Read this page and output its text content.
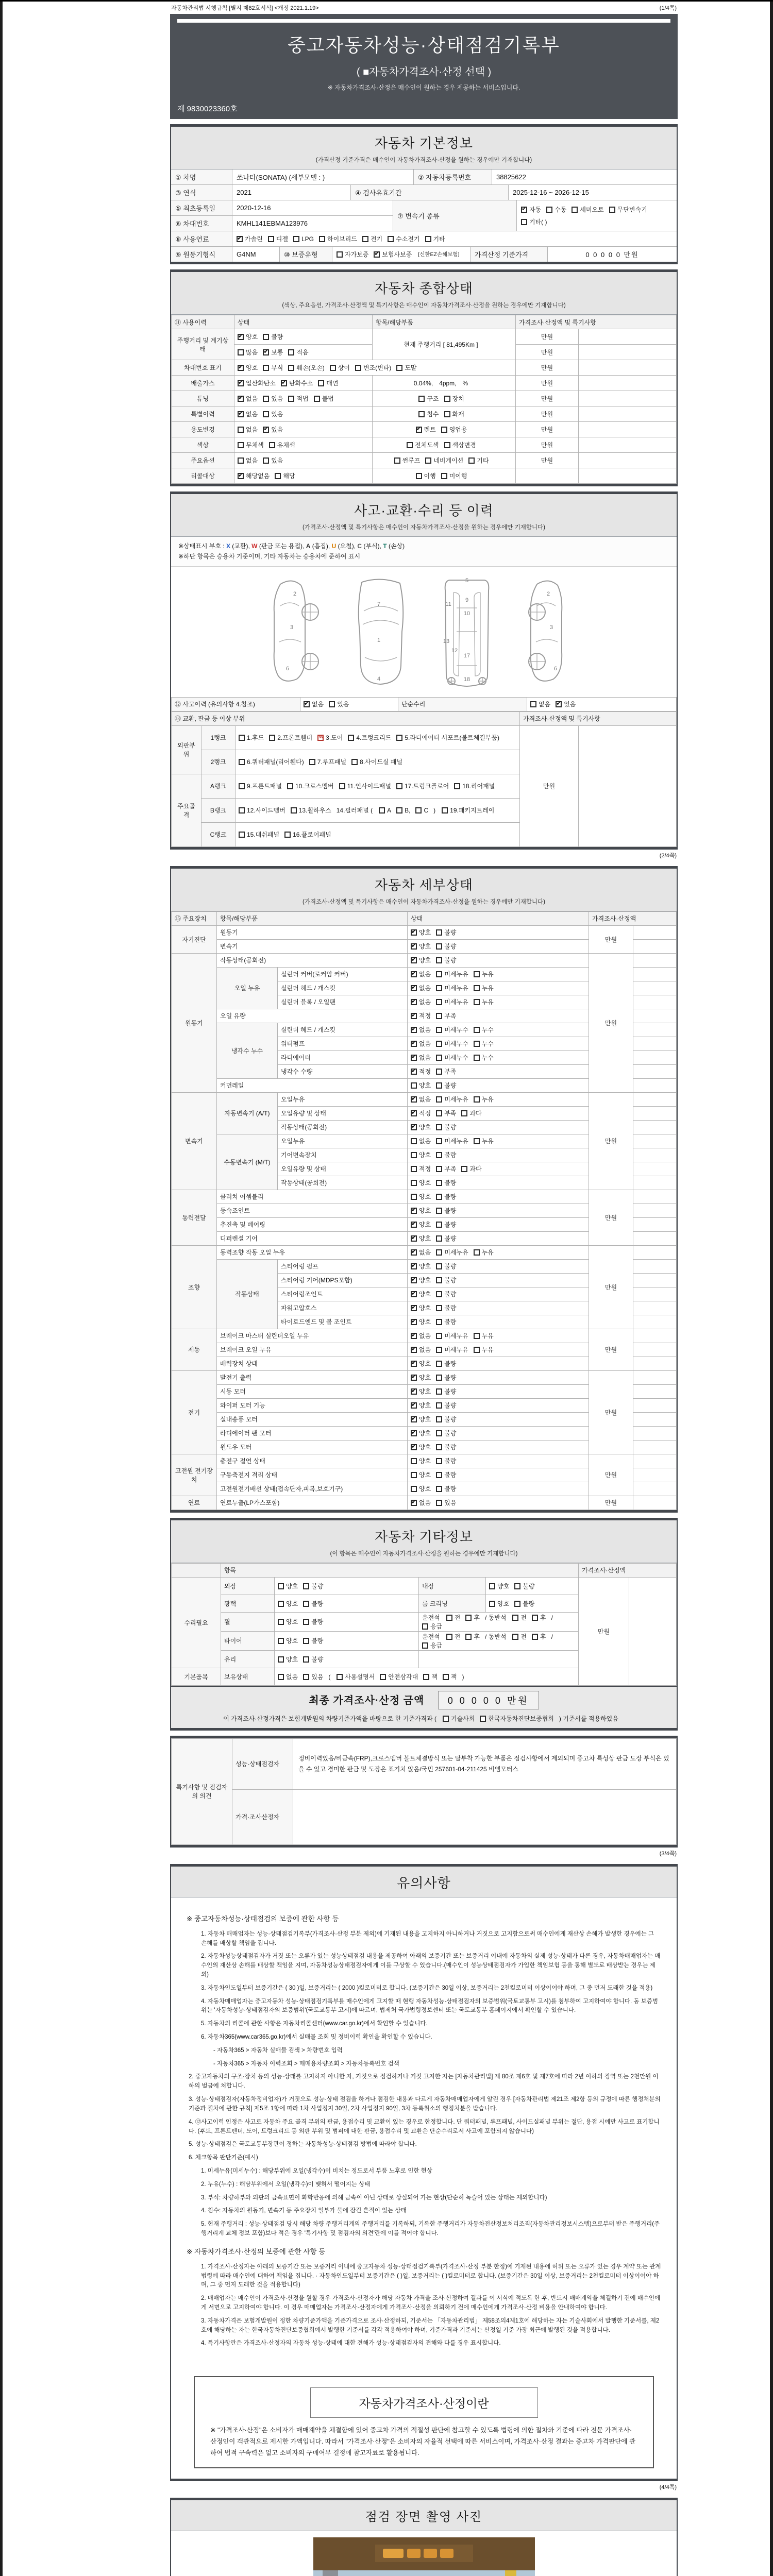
자동차관리법 시행규칙 [별지 제82호서식] <개정 2021.1.19>	(1/4쪽)
중고자동차성능·상태점검기록부
( ■자동차가격조사·산정 선택 )
※ 자동차가격조사·산정은 매수인이 원하는 경우 제공하는 서비스입니다.
제 9830023360호
자동차 기본정보
(가격산정 기준가격은 매수인이 자동차가격조사·산정을 원하는 경우에만 기재합니다)
① 차명	쏘나타(SONATA) (세부모델 : )	② 자동차등록번호	38825622
③ 연식	2021	④ 검사유효기간	2025-12-16 ~ 2026-12-15
⑤ 최초등록일	2020-12-16
⑥ 차대번호	KMHL141EBMA123976
⑦ 변속기 종류
✔자동	수동	세미오토	무단변속기
기타( )
⑧ 사용연료 ✔	가솔린	디젤	LPG	하이브리드	전기	수소전기	기타
⑨ 원동기형식	G4NM	⑩ 보증유형	자가보증 ✔ 보험사보증	[신한EZ손해보험]	가격산정 기준가격	0 0 0 0 0 만원
자동차 종합상태
(색상, 주요옵션, 가격조사·산정액 및 특기사항은 매수인이 자동차가격조사·산정을 원하는 경우에만 기재합니다)
⑪ 사용이력	상태	항목/해당부품	가격조사·산정액 및 특기사항	
주행거리 및 계기상태	✔양호 불량	현재 주행거리 [ 81,495Km ]	만원	
	많음 ✔ 보통 적음		만원	
차대번호 표기	✔양호 부식 훼손(오손) 상이 변조(변타) 도말		만원	
배출가스	✔일산화탄소 ✔ 탄화수소 매연	0.04%, 4ppm, %	만원	
튜닝	✔없음 있음 적법 불법	구조 장치	만원	
특별이력	✔없음 있음	침수 화재	만원	
용도변경	없음 ✔ 있음	✔렌트 영업용	만원	
색상	무채색 유채색	전체도색 색상변경	만원	
주요옵션	없음 있음	썬루프 네비게이션 기타	만원	
리콜대상	✔해당없음 해당	이행 미이행		
사고·교환·수리 등 이력
(가격조사·산정액 및 특기사항은 매수인이 자동차가격조사·산정을 원하는 경우에만 기재합니다)
※상태표시 부호 : X (교환), W (판금 또는 용접), A (흠집), U (요철), C (부식), T (손상)
※하단 항목은 승용차 기준이며, 기타 자동차는 승용차에 준하여 표시
2
3
6
1
4
7
5
9
10
11
12
13
17
18
2
3
6
⑫ 사고이력 (유의사항 4.참조)	✔없음 있음	단순수리	없음 ✔ 있음
⑬ 교환, 판금 등 이상 부위			가격조사·산정액 및 특기사항	
외판부위	1랭크	1.후드 2.프론트휀더 W 3.도어 4.트렁크리드 5.라디에이터 서포트(볼트체결부품)	만원	
	2랭크	6.쿼터패널(리어휀다) 7.루프패널 8.사이드실 패널		
주요골격	A랭크	9.프론트패널 10.크로스멤버 11.인사이드패널 17.트렁크플로어 18.리어패널		
	B랭크	12.사이드멤버 13.휠하우스 14.필러패널 ( A B, C ) 19.패키지트레이		
	C랭크	15.대쉬패널 16.플로어패널		
(2/4쪽)
자동차 세부상태
(가격조사·산정액 및 특기사항은 매수인이 자동차가격조사·산정을 원하는 경우에만 기재합니다)
⑮ 주요장치	항목/해당부품		상태	가격조사·산정액	
자기진단	원동기	✔양호 불량	만원	
	변속기	✔양호 불량	
원동기	작동상태(공회전)	✔양호 불량	만원	
	오일 누유	실린더 커버(로커암 커버)	✔없음 미세누유 누유	
		실린더 헤드 / 개스킷	✔없음 미세누유 누유	
		실린더 블록 / 오일팬	✔없음 미세누유 누유	
	오일 유량	✔적정 부족	
	냉각수 누수	실린더 헤드 / 개스킷	✔없음 미세누수 누수	
		워터펌프	✔없음 미세누수 누수	
		라디에이터	✔없음 미세누수 누수	
		냉각수 수량	✔적정 부족	
	커먼레일		양호 불량		
변속기	자동변속기 (A/T)	오일누유	✔없음 미세누유 누유	만원	
		오일유량 및 상태	✔적정 부족 과다	
		작동상태(공회전)	✔양호 불량	
	수동변속기 (M/T)	오일누유	없음 미세누유 누유		
		기어변속장치	양호 불량		
		오일유량 및 상태	적정 부족 과다		
		작동상태(공회전)	양호 불량		
동력전달	클러치 어셈블리		양호 불량	만원	
	등속조인트	✔양호 불량	
	추진축 및 베어링	✔양호 불량	
	디퍼렌셜 기어	✔양호 불량	
조향	동력조향 작동 오일 누유	✔없음 미세누유 누유	만원	
	작동상태	스티어링 펌프	✔양호 불량	
		스티어링 기어(MDPS포함)	✔양호 불량	
		스티어링조인트	✔양호 불량	
		파워고압호스	✔양호 불량	
		타이로드엔드 및 볼 조인트	✔양호 불량	
제동	브레이크 마스터 실린더오일 누유	✔없음 미세누유 누유	만원	
	브레이크 오일 누유	✔없음 미세누유 누유	
	배력장치 상태	✔양호 불량	
전기	발전기 출력	✔양호 불량	만원	
	시동 모터	✔양호 불량	
	와이퍼 모터 기능	✔양호 불량	
	실내송풍 모터	✔양호 불량	
	라디에이터 팬 모터	✔양호 불량	
	윈도우 모터	✔양호 불량	
고전원 전기장치	충전구 절연 상태		양호 불량	만원	
	구동축전지 격리 상태		양호 불량		
	고전원전기배선 상태(접속단자,피복,보호기구)		양호 불량		
연료	연료누출(LP가스포함)	✔없음 있음	만원	
자동차 기타정보
(이 항목은 매수인이 자동차가격조사·산정을 원하는 경우에만 기재합니다)
	항목				가격조사·산정액	
수리필요	외장	양호 불량	내장	양호 불량	만원	
	광택	양호 불량	룸 크리닝	양호 불량		
	휠	양호 불량	운전석 전 후 / 동반석 전 후 /응급			
	타이어	양호 불량	운전석 전 후 / 동반석 전 후 /응급			
	유리	양호 불량				
기본품목	보유상태	없음 있음 ( 사용설명서 안전삼각대 잭 잭 )				
최종 가격조사·산정 금액	0 0 0 0 0 만원
이 가격조사·산정가격은 보험개발원의 차량기준가액을 바탕으로 한 기준가격과 ( 기술사회 한국자동차진단보증협회 ) 기준서를 적용하였음
특기사항 및 점검자의 의견	성능·상태점검자	정비이력있음/비금속(FRP),크로스멤버 볼트체결방식 또는 탈부착 가능한 부품은 점검사항에서 제외되며 중고차 특성상 판금 도장 부식은 있을 수 있고 경미한 판금 및 도장은 표기치 않음/국민 257601-04-211425 비엠모터스
	가격·조사산정자	
(3/4쪽)
유의사항
※ 중고자동차성능·상태점검의 보증에 관한 사항 등
1. 자동차 매매업자는 성능·상태점검기록부(가격조사·산정 부분 제외)에 기재된 내용을 고지하지 아니하거나 거짓으로 고지함으로써 매수인에게 재산상 손해가 발생한 경우에는 그 손해를 배상할 책임을 집니다.
2. 자동차성능상태점검자가 거짓 또는 오류가 있는 성능상태점검 내용을 제공하여 아래의 보증기간 또는 보증거리 이내에 자동차의 실제 성능·상태가 다른 경우, 자동차매매업자는 매수인의 재산상 손해를 배상할 책임을 지며, 자동차성능상태점검자에게 이를 구상할 수 있습니다.(매수인이 성능상태점검자가 가입한 책임보험 등을 통해 별도로 배상받는 경우는 제외)
3. 자동차인도일부터 보증기간은 ( 30 )일, 보증거리는 ( 2000 )킬로미터로 합니다. (보증기간은 30일 이상, 보증거리는 2천킬로미터 이상이어야 하며, 그 중 먼저 도래한 것을 적용)
4. 자동차매매업자는 중고자동차 성능·상태점검기록부를 매수인에게 고지할 때 현행 자동차성능·상태점검자의 보증범위(국토교통부 고시)를 첨부하여 고지하여야 합니다. 동 보증범위는 '자동차성능·상태점검자의 보증범위'(국토교통부 고시)에 따르며, 법제처 국가법령정보센터 또는 국토교통부 홈페이지에서 확인할 수 있습니다.
5. 자동차의 리콜에 관한 사항은 자동차리콜센터(www.car.go.kr)에서 확인할 수 있습니다.
6. 자동차365(www.car365.go.kr)에서 실매물 조회 및 정비이력 확인을 확인할 수 있습니다.
- 자동차365 > 자동차 실매물 검색 > 차량번호 입력
- 자동차365 > 자동차 이력조회 > 매매용차량조회 > 자동차등록번호 검색
2. 중고자동차의 구조·장치 등의 성능·상태를 고지하지 아니한 자, 거짓으로 점검하거나 거짓 고지한 자는 [자동차관리법] 제 80조 제6호 및 제7호에 따라 2년 이하의 징역 또는 2천만원 이하의 벌금에 처합니다.
3. 성능·상태점검자(자동차정비업자)가 거짓으로 성능·상태 점검을 하거나 점검한 내용과 다르게 자동차매매업자에게 알린 경우 [자동차관리법 제21조 제2항 등의 규정에 따른 행정처분의 기준과 절차에 관한 규칙] 제5조 1항에 따라 1차 사업정지 30일, 2차 사업정지 90일, 3차 등록취소의 행정처분을 받습니다.
4. ⑫사고이력 인정은 사고로 자동차 주요 골격 부위의 판금, 용접수리 및 교환이 있는 경우로 한정합니다. 단 쿼터패널, 루프패널, 사이드실패널 부위는 절단, 용접 시에만 사고로 표기합니다. (후드, 프론트펜더, 도어, 트렁크리드 등 외판 부위 및 범퍼에 대한 판금, 용접수리 및 교환은 단순수리로서 사고에 포함되지 않습니다)
5. 성능·상태점검은 국토교통부장관이 정하는 자동차성능·상태점검 방법에 따라야 합니다.
6. 체크항목 판단기준(예시)
1. 미세누유(미세누수) : 해당부위에 오일(냉각수)이 비치는 정도로서 부품 노후로 인한 현상
2. 누유(누수) : 해당부위에서 오일(냉각수)이 맺혀서 떨어지는 상태
3. 부식: 차량하부와 외판의 금속표면이 화학반응에 의해 금속이 아닌 상태로 상실되어 가는 현상(단순히 녹슬어 있는 상태는 제외합니다)
4. 침수: 자동차의 원동기, 변속기 등 주요장치 일부가 물에 잠긴 흔적이 있는 상태
5. 현재 주행거리 : 성능·상태점검 당시 해당 차량 주행거리계의 주행거리를 기록하되, 기록한 주행거리가 자동차전산정보처리조직(자동차관리정보시스템)으로부터 받은 주행거리(주행거리계 교체 정보 포함)보다 적은 경우 '특기사항 및 점검자의 의견'란에 이를 적어야 합니다.
※ 자동차가격조사·산정의 보증에 관한 사항 등
1. 가격조사·산정자는 아래의 보증기간 또는 보증거리 이내에 중고자동차 성능·상태점검기록부(가격조사·산정 부분 한정)에 기재된 내용에 허위 또는 오류가 있는 경우 계약 또는 관계법령에 따라 매수인에 대하여 책임을 집니다. · 자동차인도일부터 보증기간은 ( )일, 보증거리는 ( )킬로미터로 합니다. (보증기간은 30일 이상, 보증거리는 2천킬로미터 이상이어야 하며, 그 중 먼저 도래한 것을 적용합니다)
2. 매매업자는 매수인이 가격조사·산정을 원할 경우 가격조사·산정자가 해당 자동차 가격을 조사·산정하여 결과를 이 서식에 적도록 한 후, 반드시 매매계약을 체결하기 전에 매수인에게 서면으로 고지하여야 합니다. 이 경우 매매업자는 가격조사·산정자에게 가격조사·산정을 의뢰하기 전에 매수인에게 가격조사·산정 비용을 안내하여야 합니다.
3. 자동차가격은 보험개발원이 정한 차량기준가액을 기준가격으로 조사·산정하되, 기준서는 「자동차관리법」 제58조의4제1호에 해당하는 자는 기술사회에서 발행한 기준서를, 제2호에 해당하는 자는 한국자동차진단보증협회에서 발행한 기준서를 각각 적용하여야 하며, 기준가격과 기준서는 산정일 기준 가장 최근에 발행된 것을 적용합니다.
4. 특기사항란은 가격조사·산정자의 자동차 성능·상태에 대한 견해가 성능·상태점검자의 견해와 다를 경우 표시합니다.
자동차가격조사·산정이란
※ "가격조사·산정"은 소비자가 매매계약을 체결함에 있어 중고차 가격의 적절성 판단에 참고할 수 있도록 법령에 의한 절차와 기준에 따라 전문 가격조사·산정인이 객관적으로 제시한 가액입니다. 따라서 "가격조사·산정"은 소비자의 자율적 선택에 따른 서비스이며, 가격조사·산정 결과는 중고차 가격판단에 관하여 법적 구속력은 없고 소비자의 구매여부 결정에 참고자료로 활용됩니다.
(4/4쪽)
점검 장면 촬영 사진
